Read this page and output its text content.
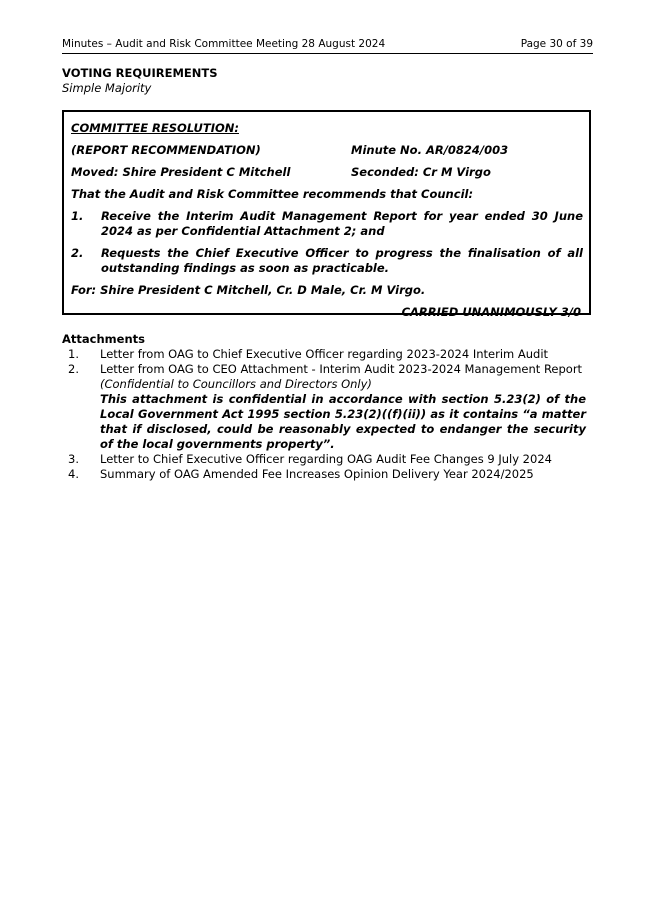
Minutes – Audit and Risk Committee Meeting 28 August 2024	Page 30 of 39
VOTING REQUIREMENTS
Simple Majority
COMMITTEE RESOLUTION:
(REPORT RECOMMENDATION)	Minute No. AR/0824/003
Moved: Shire President C Mitchell	Seconded: Cr M Virgo
That the Audit and Risk Committee recommends that Council:
1.	Receive the Interim Audit Management Report for year ended 30 June 2024 as per Confidential Attachment 2; and
2.	Requests the Chief Executive Officer to progress the finalisation of all outstanding findings as soon as practicable.
For: Shire President C Mitchell, Cr. D Male, Cr. M Virgo.
CARRIED UNANIMOUSLY 3/0
Attachments
1.	Letter from OAG to Chief Executive Officer regarding 2023-2024 Interim Audit
2.	Letter from OAG to CEO Attachment - Interim Audit 2023-2024 Management Report
(Confidential to Councillors and Directors Only)
This attachment is confidential in accordance with section 5.23(2) of the Local Government Act 1995 section 5.23(2)((f)(ii)) as it contains “a matter that if disclosed, could be reasonably expected to endanger the security of the local governments property”.
3.	Letter to Chief Executive Officer regarding OAG Audit Fee Changes 9 July 2024
4.	Summary of OAG Amended Fee Increases Opinion Delivery Year 2024/2025
